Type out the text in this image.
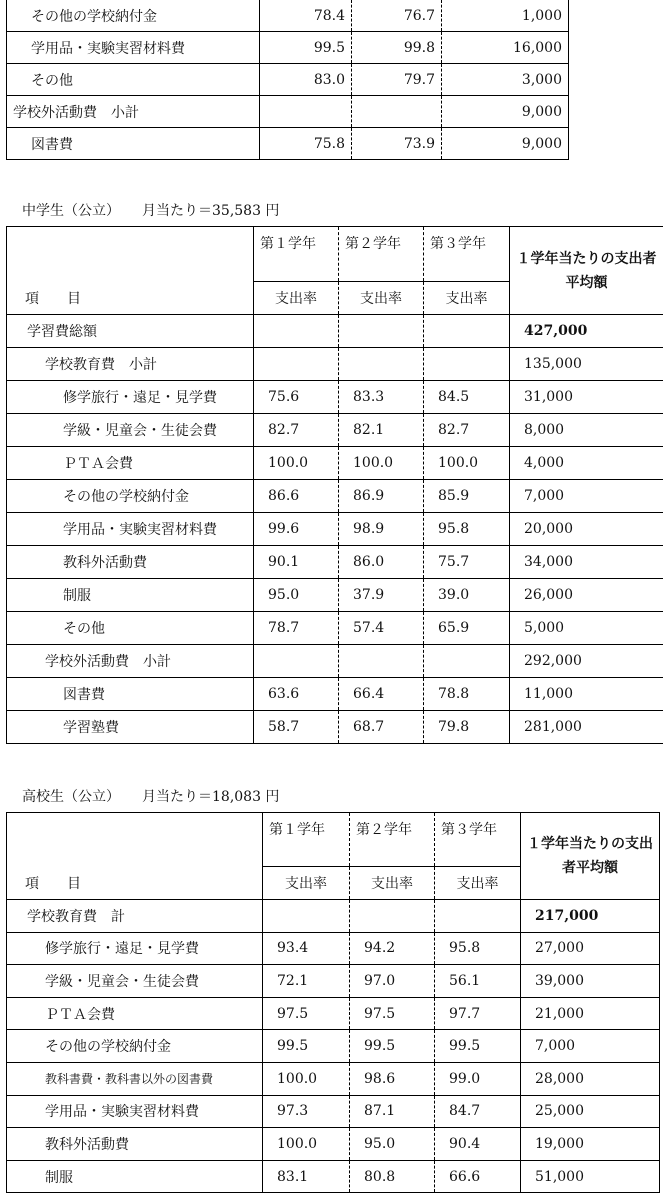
その他の学校納付金	78.4	76.7	1,000
学用品・実験実習材料費	99.5	99.8	16,000
その他	83.0	79.7	3,000
学校外活動費　小計			9,000
図書費	75.8	73.9	9,000
中学生（公立） 月当たり＝35,583 円
項　　目	第１学年	第２学年	第３学年	１学年当たりの支出者平均額
	支出率	支出率	支出率	
学習費総額				427,000
学校教育費　小計				135,000
修学旅行・遠足・見学費	75.6	83.3	84.5	31,000
学級・児童会・生徒会費	82.7	82.1	82.7	8,000
ＰＴＡ会費	100.0	100.0	100.0	4,000
その他の学校納付金	86.6	86.9	85.9	7,000
学用品・実験実習材料費	99.6	98.9	95.8	20,000
教科外活動費	90.1	86.0	75.7	34,000
制服	95.0	37.9	39.0	26,000
その他	78.7	57.4	65.9	5,000
学校外活動費　小計				292,000
図書費	63.6	66.4	78.8	11,000
学習塾費	58.7	68.7	79.8	281,000
高校生（公立） 月当たり＝18,083 円
項　　目	第１学年	第２学年	第３学年	１学年当たりの支出者平均額
	支出率	支出率	支出率	
学校教育費　計				217,000
修学旅行・遠足・見学費	93.4	94.2	95.8	27,000
学級・児童会・生徒会費	72.1	97.0	56.1	39,000
ＰＴＡ会費	97.5	97.5	97.7	21,000
その他の学校納付金	99.5	99.5	99.5	7,000
教科書費・教科書以外の図書費	100.0	98.6	99.0	28,000
学用品・実験実習材料費	97.3	87.1	84.7	25,000
教科外活動費	100.0	95.0	90.4	19,000
制服	83.1	80.8	66.6	51,000
